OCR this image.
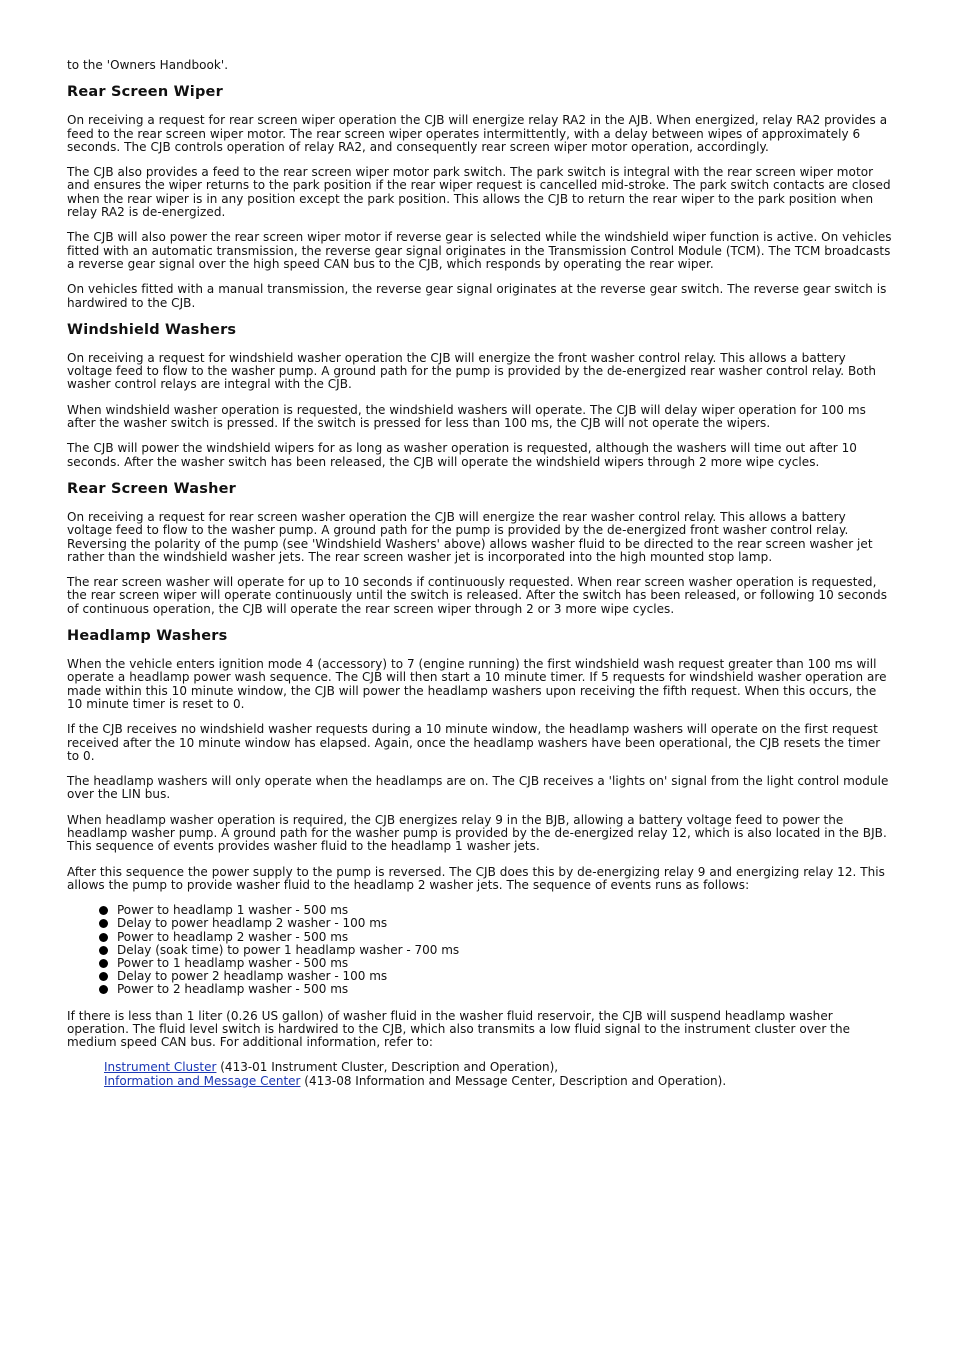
to the 'Owners Handbook'.

Rear Screen Wiper

On receiving a request for rear screen wiper operation the CJB will energize relay RA2 in the AJB. When energized, relay RA2 provides a feed to the rear screen wiper motor. The rear screen wiper operates intermittently, with a delay between wipes of approximately 6 seconds. The CJB controls operation of relay RA2, and consequently rear screen wiper motor operation, accordingly.

The CJB also provides a feed to the rear screen wiper motor park switch. The park switch is integral with the rear screen wiper motor and ensures the wiper returns to the park position if the rear wiper request is cancelled mid-stroke. The park switch contacts are closed when the rear wiper is in any position except the park position. This allows the CJB to return the rear wiper to the park position when relay RA2 is de-energized.

The CJB will also power the rear screen wiper motor if reverse gear is selected while the windshield wiper function is active. On vehicles fitted with an automatic transmission, the reverse gear signal originates in the Transmission Control Module (TCM). The TCM broadcasts a reverse gear signal over the high speed CAN bus to the CJB, which responds by operating the rear wiper.

On vehicles fitted with a manual transmission, the reverse gear signal originates at the reverse gear switch. The reverse gear switch is hardwired to the CJB.

Windshield Washers

On receiving a request for windshield washer operation the CJB will energize the front washer control relay. This allows a battery voltage feed to flow to the washer pump. A ground path for the pump is provided by the de-energized rear washer control relay. Both washer control relays are integral with the CJB.

When windshield washer operation is requested, the windshield washers will operate. The CJB will delay wiper operation for 100 ms after the washer switch is pressed. If the switch is pressed for less than 100 ms, the CJB will not operate the wipers.

The CJB will power the windshield wipers for as long as washer operation is requested, although the washers will time out after 10 seconds. After the washer switch has been released, the CJB will operate the windshield wipers through 2 more wipe cycles.

Rear Screen Washer

On receiving a request for rear screen washer operation the CJB will energize the rear washer control relay. This allows a battery voltage feed to flow to the washer pump. A ground path for the pump is provided by the de-energized front washer control relay. Reversing the polarity of the pump (see 'Windshield Washers' above) allows washer fluid to be directed to the rear screen washer jet rather than the windshield washer jets. The rear screen washer jet is incorporated into the high mounted stop lamp.

The rear screen washer will operate for up to 10 seconds if continuously requested. When rear screen washer operation is requested, the rear screen wiper will operate continuously until the switch is released. After the switch has been released, or following 10 seconds of continuous operation, the CJB will operate the rear screen wiper through 2 or 3 more wipe cycles.

Headlamp Washers

When the vehicle enters ignition mode 4 (accessory) to 7 (engine running) the first windshield wash request greater than 100 ms will operate a headlamp power wash sequence. The CJB will then start a 10 minute timer. If 5 requests for windshield washer operation are made within this 10 minute window, the CJB will power the headlamp washers upon receiving the fifth request. When this occurs, the 10 minute timer is reset to 0.

If the CJB receives no windshield washer requests during a 10 minute window, the headlamp washers will operate on the first request received after the 10 minute window has elapsed. Again, once the headlamp washers have been operational, the CJB resets the timer to 0.

The headlamp washers will only operate when the headlamps are on. The CJB receives a 'lights on' signal from the light control module over the LIN bus.

When headlamp washer operation is required, the CJB energizes relay 9 in the BJB, allowing a battery voltage feed to power the headlamp washer pump. A ground path for the washer pump is provided by the de-energized relay 12, which is also located in the BJB. This sequence of events provides washer fluid to the headlamp 1 washer jets.

After this sequence the power supply to the pump is reversed. The CJB does this by de-energizing relay 9 and energizing relay 12. This allows the pump to provide washer fluid to the headlamp 2 washer jets. The sequence of events runs as follows:

Power to headlamp 1 washer - 500 ms
Delay to power headlamp 2 washer - 100 ms
Power to headlamp 2 washer - 500 ms
Delay (soak time) to power 1 headlamp washer - 700 ms
Power to 1 headlamp washer - 500 ms
Delay to power 2 headlamp washer - 100 ms
Power to 2 headlamp washer - 500 ms

If there is less than 1 liter (0.26 US gallon) of washer fluid in the washer fluid reservoir, the CJB will suspend headlamp washer operation. The fluid level switch is hardwired to the CJB, which also transmits a low fluid signal to the instrument cluster over the medium speed CAN bus. For additional information, refer to:

Instrument Cluster (413-01 Instrument Cluster, Description and Operation),
Information and Message Center (413-08 Information and Message Center, Description and Operation).
